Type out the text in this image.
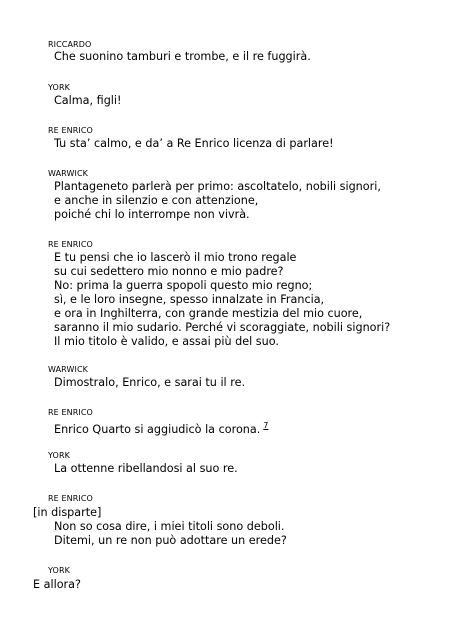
RICCARDO
Che suonino tamburi e trombe, e il re fuggirà.
YORK
Calma, figli!
RE ENRICO
Tu sta’ calmo, e da’ a Re Enrico licenza di parlare!
WARWICK
Plantageneto parlerà per primo: ascoltatelo, nobili signori,
e anche in silenzio e con attenzione,
poiché chi lo interrompe non vivrà.
RE ENRICO
E tu pensi che io lascerò il mio trono regale
su cui sedettero mio nonno e mio padre?
No: prima la guerra spopoli questo mio regno;
sì, e le loro insegne, spesso innalzate in Francia,
e ora in Inghilterra, con grande mestizia del mio cuore,
saranno il mio sudario. Perché vi scoraggiate, nobili signori?
Il mio titolo è valido, e assai più del suo.
WARWICK
Dimostralo, Enrico, e sarai tu il re.
RE ENRICO
Enrico Quarto si aggiudicò la corona. $^7$
YORK
La ottenne ribellandosi al suo re.
RE ENRICO
[in disparte]
Non so cosa dire, i miei titoli sono deboli.
Ditemi, un re non può adottare un erede?
YORK
E allora?
